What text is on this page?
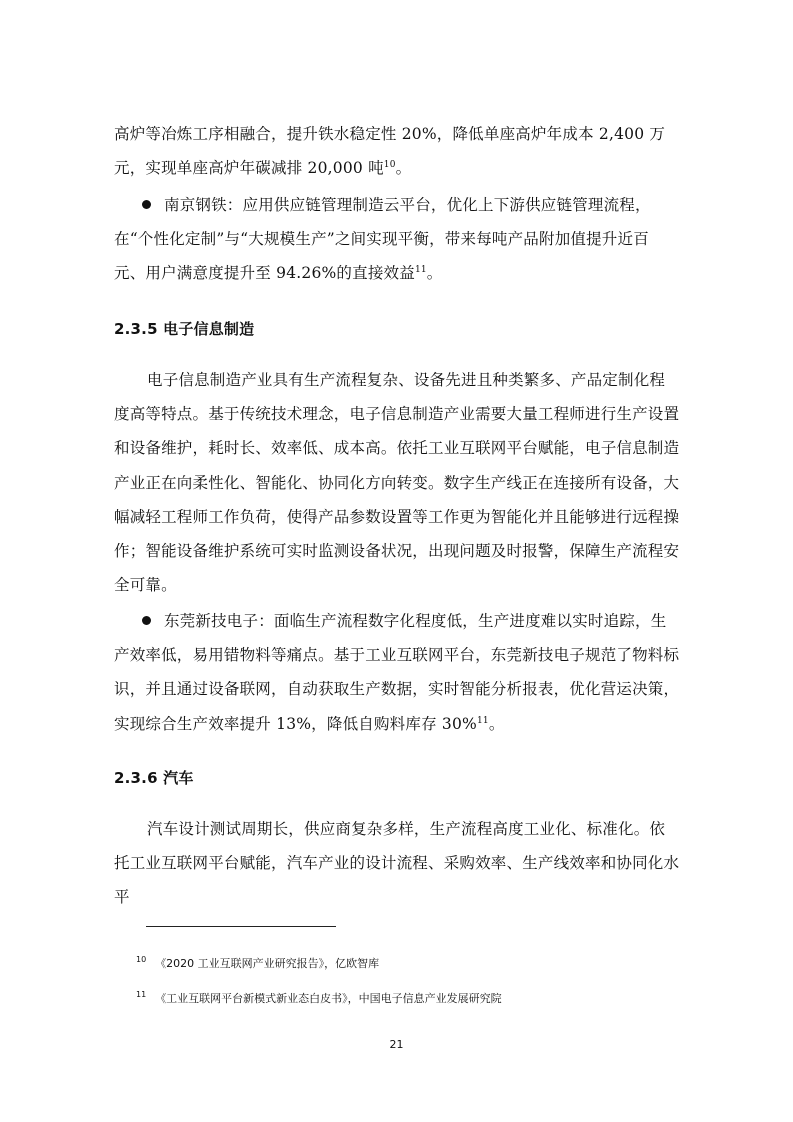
高炉等冶炼工序相融合，提升铁水稳定性 20%，降低单座高炉年成本 2,400 万元，实现单座高炉年碳减排 20,000 吨$^{10}$。

南京钢铁：应用供应链管理制造云平台，优化上下游供应链管理流程，在“个性化定制”与“大规模生产”之间实现平衡，带来每吨产品附加值提升近百元、用户满意度提升至 94.26%的直接效益$^{11}$。

2.3.5 电子信息制造

电子信息制造产业具有生产流程复杂、设备先进且种类繁多、产品定制化程度高等特点。基于传统技术理念，电子信息制造产业需要大量工程师进行生产设置和设备维护，耗时长、效率低、成本高。依托工业互联网平台赋能，电子信息制造产业正在向柔性化、智能化、协同化方向转变。数字生产线正在连接所有设备，大幅减轻工程师工作负荷，使得产品参数设置等工作更为智能化并且能够进行远程操作；智能设备维护系统可实时监测设备状况，出现问题及时报警，保障生产流程安全可靠。

东莞新技电子：面临生产流程数字化程度低，生产进度难以实时追踪，生产效率低，易用错物料等痛点。基于工业互联网平台，东莞新技电子规范了物料标识，并且通过设备联网，自动获取生产数据，实时智能分析报表，优化营运决策，实现综合生产效率提升 13%，降低自购料库存 30%$^{11}$。

2.3.6 汽车

汽车设计测试周期长，供应商复杂多样，生产流程高度工业化、标准化。依托工业互联网平台赋能，汽车产业的设计流程、采购效率、生产线效率和协同化水平

$^{10}$ 《2020 工业互联网产业研究报告》，亿欧智库

$^{11}$ 《工业互联网平台新模式新业态白皮书》，中国电子信息产业发展研究院

21
